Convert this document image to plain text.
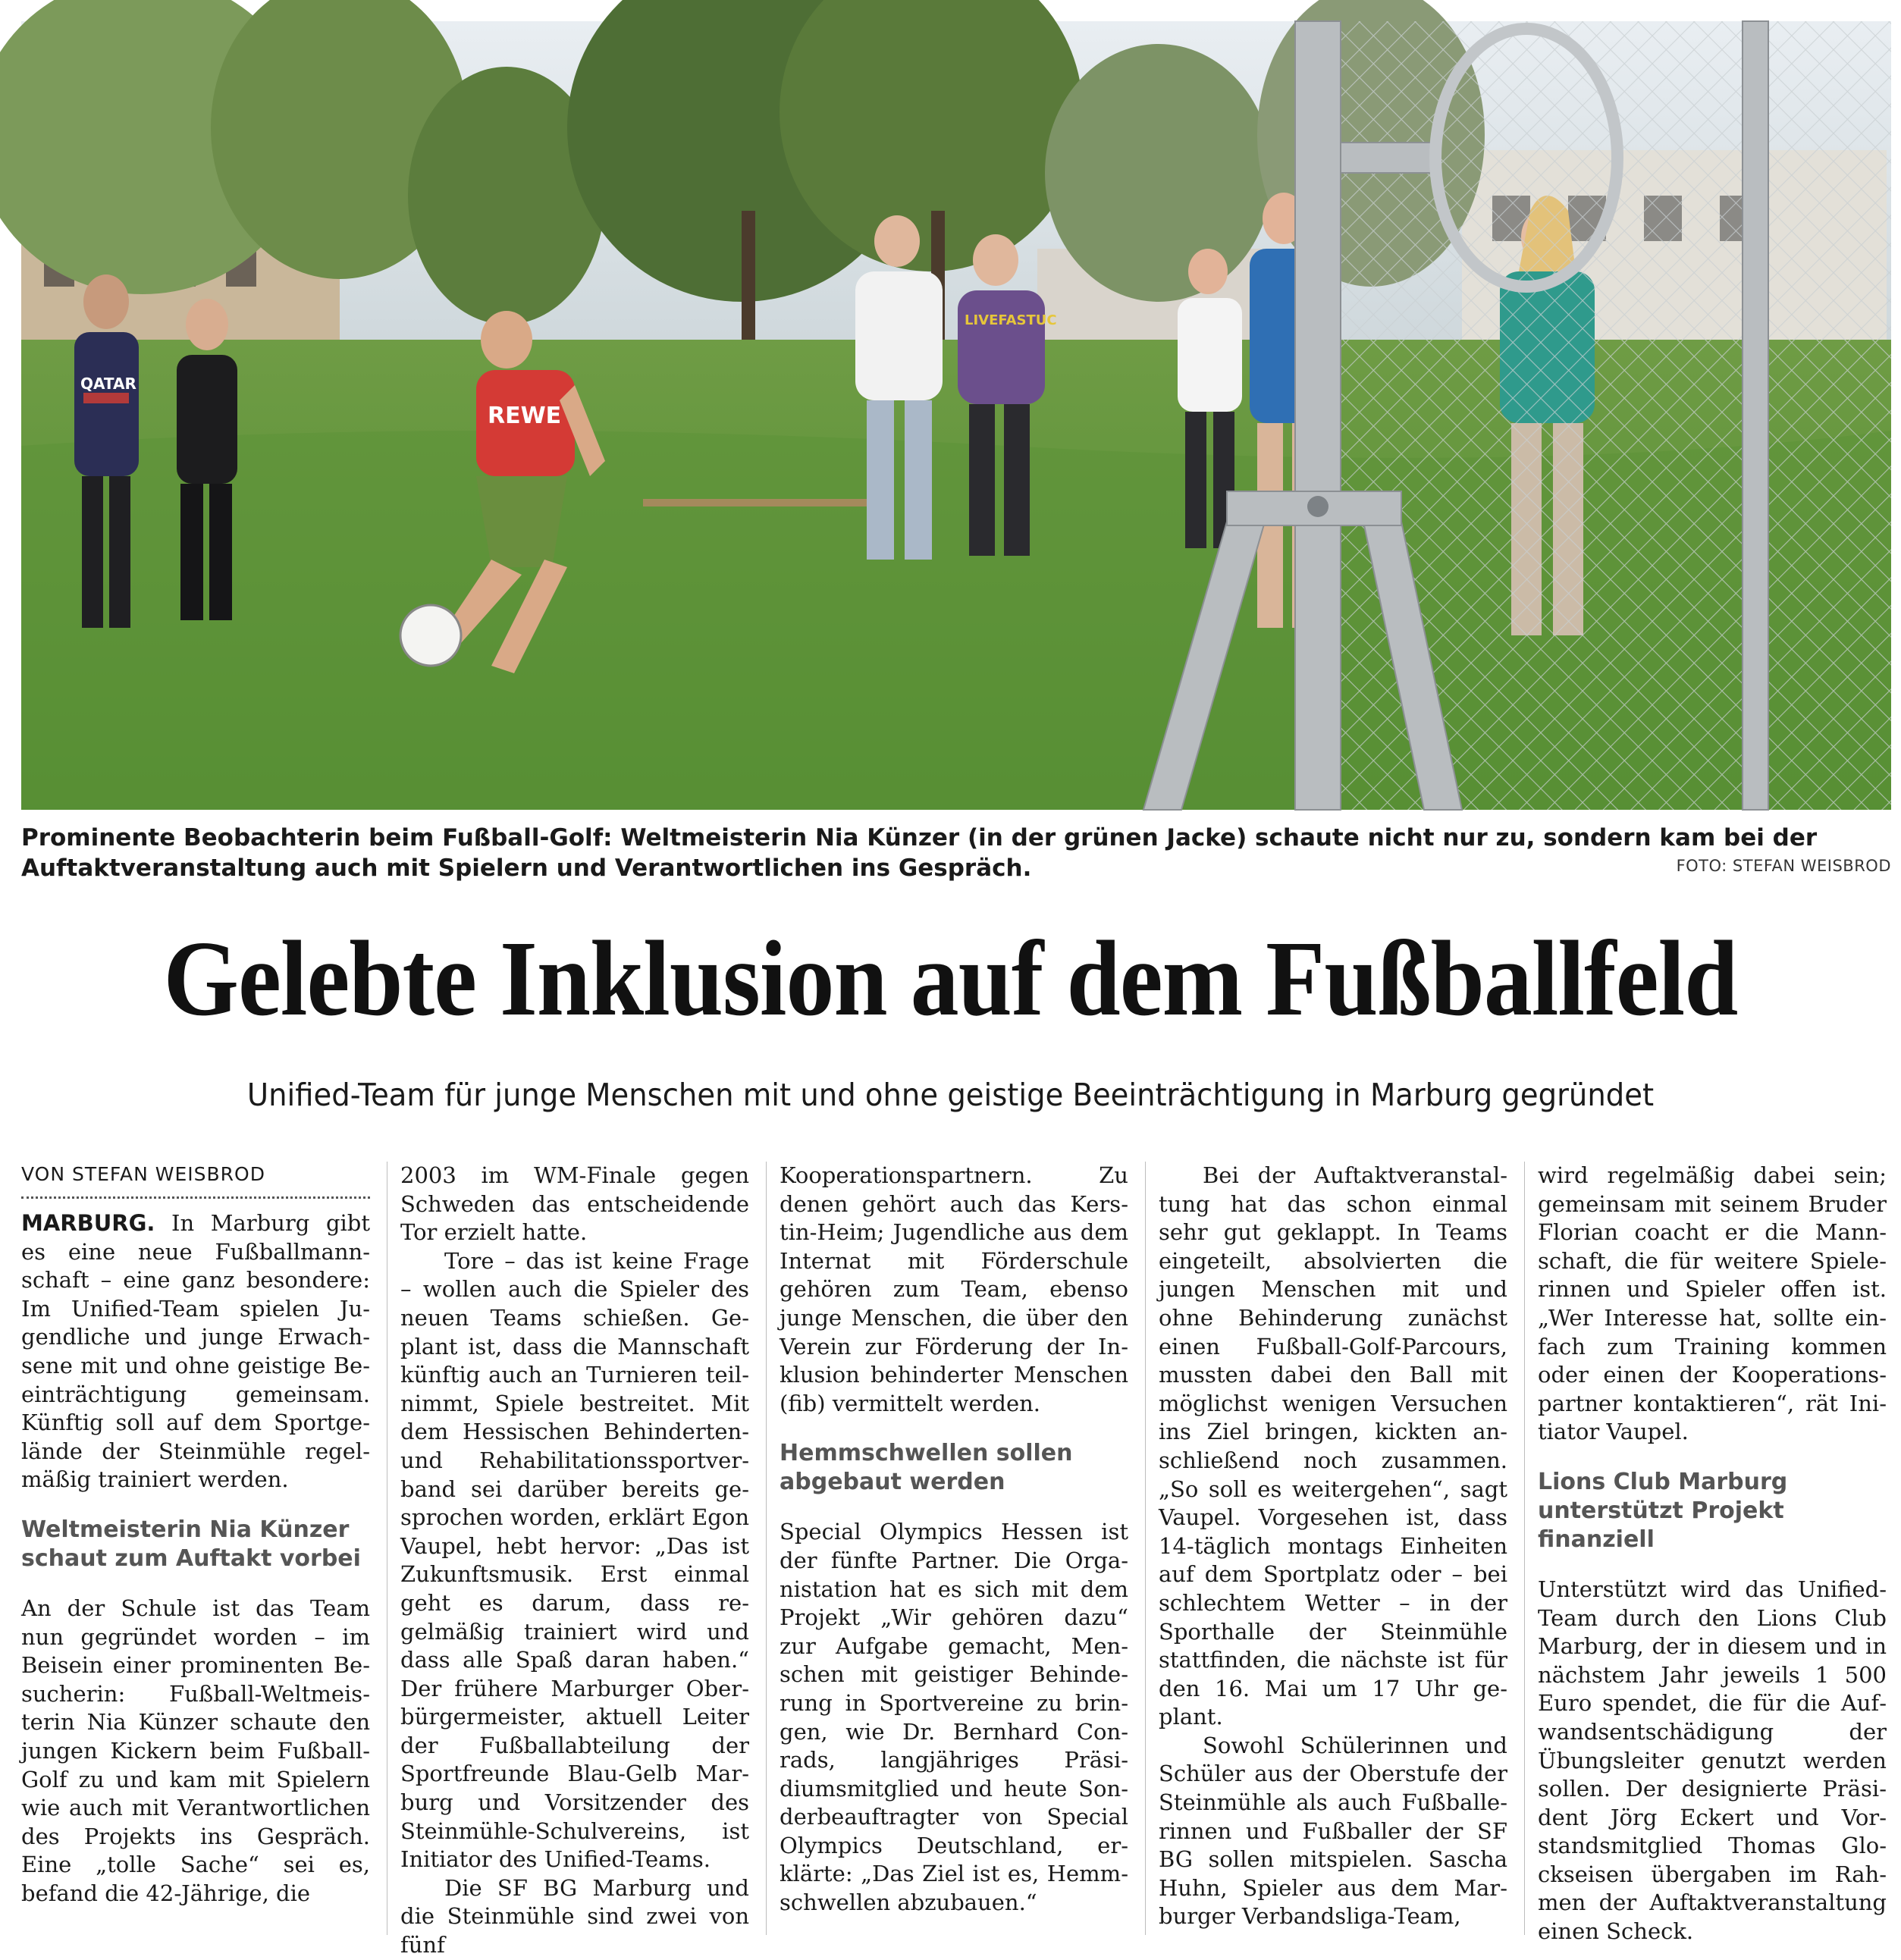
QATAR
REWE
LIVEFASTUC
Prominente Beobachterin beim Fußball-Golf: Weltmeisterin Nia Künzer (in der grünen Jacke) schaute nicht nur zu, sondern kam bei der Auftaktveranstaltung auch mit Spielern und Verantwortlichen ins Gespräch.	FOTO: STEFAN WEISBROD
Gelebte Inklusion auf dem Fußballfeld
Unified-Team für junge Menschen mit und ohne geistige Beeinträchtigung in Marburg gegründet
VON STEFAN WEISBROD

MARBURG. In Marburg gibt es eine neue Fußballmannschaft – eine ganz besondere: Im Unified-Team spielen Jugendliche und junge Erwachsene mit und ohne geistige Beeinträchtigung gemeinsam. Künftig soll auf dem Sportgelände der Steinmühle regelmäßig trainiert werden.

Weltmeisterin Nia Künzer schaut zum Auftakt vorbei

An der Schule ist das Team nun gegründet worden – im Beisein einer prominenten Besucherin: Fußball-Weltmeisterin Nia Künzer schaute den jungen Kickern beim Fußball-Golf zu und kam mit Spielern wie auch mit Verantwortlichen des Projekts ins Gespräch. Eine „tolle Sache“ sei es, befand die 42-Jährige, die

2003 im WM-Finale gegen Schweden das entscheidende Tor erzielt hatte.

Tore – das ist keine Frage – wollen auch die Spieler des neuen Teams schießen. Geplant ist, dass die Mannschaft künftig auch an Turnieren teilnimmt, Spiele bestreitet. Mit dem Hessischen Behinderten- und Rehabilitationssportverband sei darüber bereits gesprochen worden, erklärt Egon Vaupel, hebt hervor: „Das ist Zukunftsmusik. Erst einmal geht es darum, dass regelmäßig trainiert wird und dass alle Spaß daran haben.“ Der frühere Marburger Oberbürgermeister, aktuell Leiter der Fußballabteilung der Sportfreunde Blau-Gelb Marburg und Vorsitzender des Steinmühle-Schulvereins, ist Initiator des Unified-Teams.

Die SF BG Marburg und die Steinmühle sind zwei von fünf

Kooperationspartnern. Zu denen gehört auch das Kerstin-Heim; Jugendliche aus dem Internat mit Förderschule gehören zum Team, ebenso junge Menschen, die über den Verein zur Förderung der Inklusion behinderter Menschen (fib) vermittelt werden.

Hemmschwellen sollen abgebaut werden

Special Olympics Hessen ist der fünfte Partner. Die Organistation hat es sich mit dem Projekt „Wir gehören dazu“ zur Aufgabe gemacht, Menschen mit geistiger Behinderung in Sportvereine zu bringen, wie Dr. Bernhard Conrads, langjähriges Präsidiumsmitglied und heute Sonderbeauftragter von Special Olympics Deutschland, erklärte: „Das Ziel ist es, Hemmschwellen abzubauen.“

Bei der Auftaktveranstaltung hat das schon einmal sehr gut geklappt. In Teams eingeteilt, absolvierten die jungen Menschen mit und ohne Behinderung zunächst einen Fußball-Golf-Parcours, mussten dabei den Ball mit möglichst wenigen Versuchen ins Ziel bringen, kickten anschließend noch zusammen. „So soll es weitergehen“, sagt Vaupel. Vorgesehen ist, dass 14-täglich montags Einheiten auf dem Sportplatz oder – bei schlechtem Wetter – in der Sporthalle der Steinmühle stattfinden, die nächste ist für den 16. Mai um 17 Uhr geplant.

Sowohl Schülerinnen und Schüler aus der Oberstufe der Steinmühle als auch Fußballerinnen und Fußballer der SF BG sollen mitspielen. Sascha Huhn, Spieler aus dem Marburger Verbandsliga-Team,

wird regelmäßig dabei sein; gemeinsam mit seinem Bruder Florian coacht er die Mannschaft, die für weitere Spielerinnen und Spieler offen ist. „Wer Interesse hat, sollte einfach zum Training kommen oder einen der Kooperationspartner kontaktieren“, rät Initiator Vaupel.

Lions Club Marburg unterstützt Projekt finanziell

Unterstützt wird das Unified-Team durch den Lions Club Marburg, der in diesem und in nächstem Jahr jeweils 1 500 Euro spendet, die für die Aufwandsentschädigung der Übungsleiter genutzt werden sollen. Der designierte Präsident Jörg Eckert und Vorstandsmitglied Thomas Glockseisen übergaben im Rahmen der Auftaktveranstaltung einen Scheck.
